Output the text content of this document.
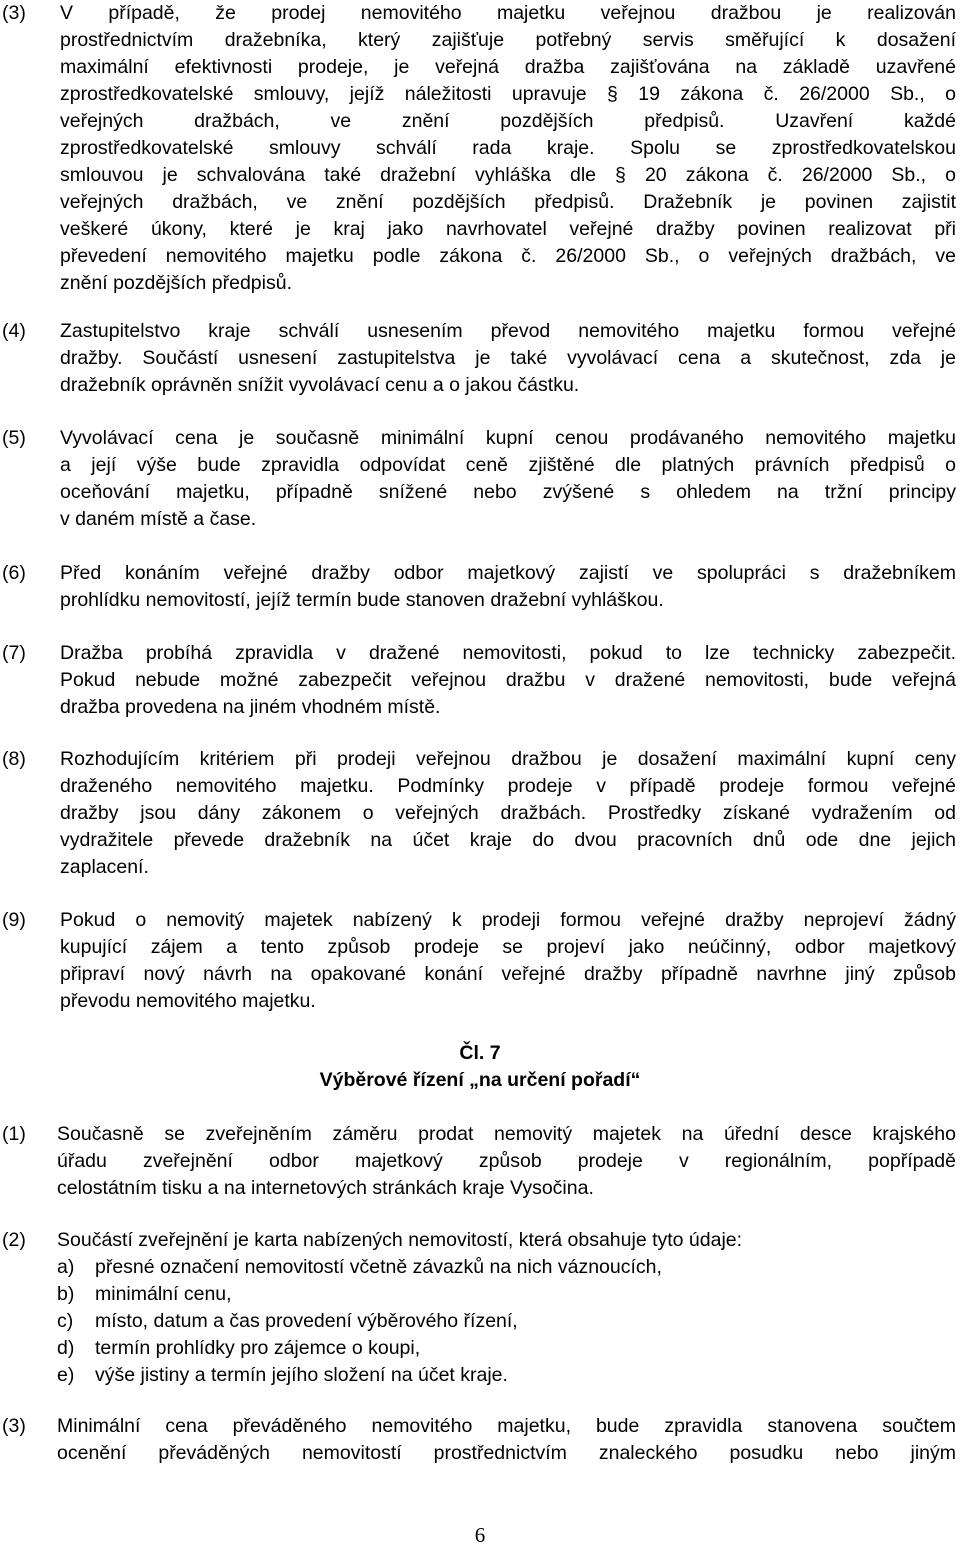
(3)	V případě, že prodej nemovitého majetku veřejnou dražbou je realizován
prostřednictvím dražebníka, který zajišťuje potřebný servis směřující k dosažení
maximální efektivnosti prodeje, je veřejná dražba zajišťována na základě uzavřené
zprostředkovatelské smlouvy, jejíž náležitosti upravuje § 19 zákona č. 26/2000 Sb., o
veřejných dražbách, ve znění pozdějších předpisů. Uzavření každé
zprostředkovatelské smlouvy schválí rada kraje. Spolu se zprostředkovatelskou
smlouvou je schvalována také dražební vyhláška dle § 20 zákona č. 26/2000 Sb., o
veřejných dražbách, ve znění pozdějších předpisů. Dražebník je povinen zajistit
veškeré úkony, které je kraj jako navrhovatel veřejné dražby povinen realizovat při
převedení nemovitého majetku podle zákona č. 26/2000 Sb., o veřejných dražbách, ve
znění pozdějších předpisů.
(4)	Zastupitelstvo kraje schválí usnesením převod nemovitého majetku formou veřejné
dražby. Součástí usnesení zastupitelstva je také vyvolávací cena a skutečnost, zda je
dražebník oprávněn snížit vyvolávací cenu a o jakou částku.
(5)	Vyvolávací cena je současně minimální kupní cenou prodávaného nemovitého majetku
a její výše bude zpravidla odpovídat ceně zjištěné dle platných právních předpisů o
oceňování majetku, případně snížené nebo zvýšené s ohledem na tržní principy
v daném místě a čase.
(6)	Před konáním veřejné dražby odbor majetkový zajistí ve spolupráci s dražebníkem
prohlídku nemovitostí, jejíž termín bude stanoven dražební vyhláškou.
(7)	Dražba probíhá zpravidla v dražené nemovitosti, pokud to lze technicky zabezpečit.
Pokud nebude možné zabezpečit veřejnou dražbu v dražené nemovitosti, bude veřejná
dražba provedena na jiném vhodném místě.
(8)	Rozhodujícím kritériem při prodeji veřejnou dražbou je dosažení maximální kupní ceny
draženého nemovitého majetku. Podmínky prodeje v případě prodeje formou veřejné
dražby jsou dány zákonem o veřejných dražbách. Prostředky získané vydražením od
vydražitele převede dražebník na účet kraje do dvou pracovních dnů ode dne jejich
zaplacení.
(9)	Pokud o nemovitý majetek nabízený k prodeji formou veřejné dražby neprojeví žádný
kupující zájem a tento způsob prodeje se projeví jako neúčinný, odbor majetkový
připraví nový návrh na opakované konání veřejné dražby případně navrhne jiný způsob
převodu nemovitého majetku.
Čl. 7
Výběrové řízení „na určení pořadí“
(1)	Současně se zveřejněním záměru prodat nemovitý majetek na úřední desce krajského
úřadu zveřejnění odbor majetkový způsob prodeje v regionálním, popřípadě
celostátním tisku a na internetových stránkách kraje Vysočina.
(2)	Součástí zveřejnění je karta nabízených nemovitostí, která obsahuje tyto údaje:
a)	přesné označení nemovitostí včetně závazků na nich váznoucích,
b)	minimální cenu,
c)	místo, datum a čas provedení výběrového řízení,
d)	termín prohlídky pro zájemce o koupi,
e)	výše jistiny a termín jejího složení na účet kraje.
(3)	Minimální cena převáděného nemovitého majetku, bude zpravidla stanovena součtem
ocenění převáděných nemovitostí prostřednictvím znaleckého posudku nebo jiným
6
